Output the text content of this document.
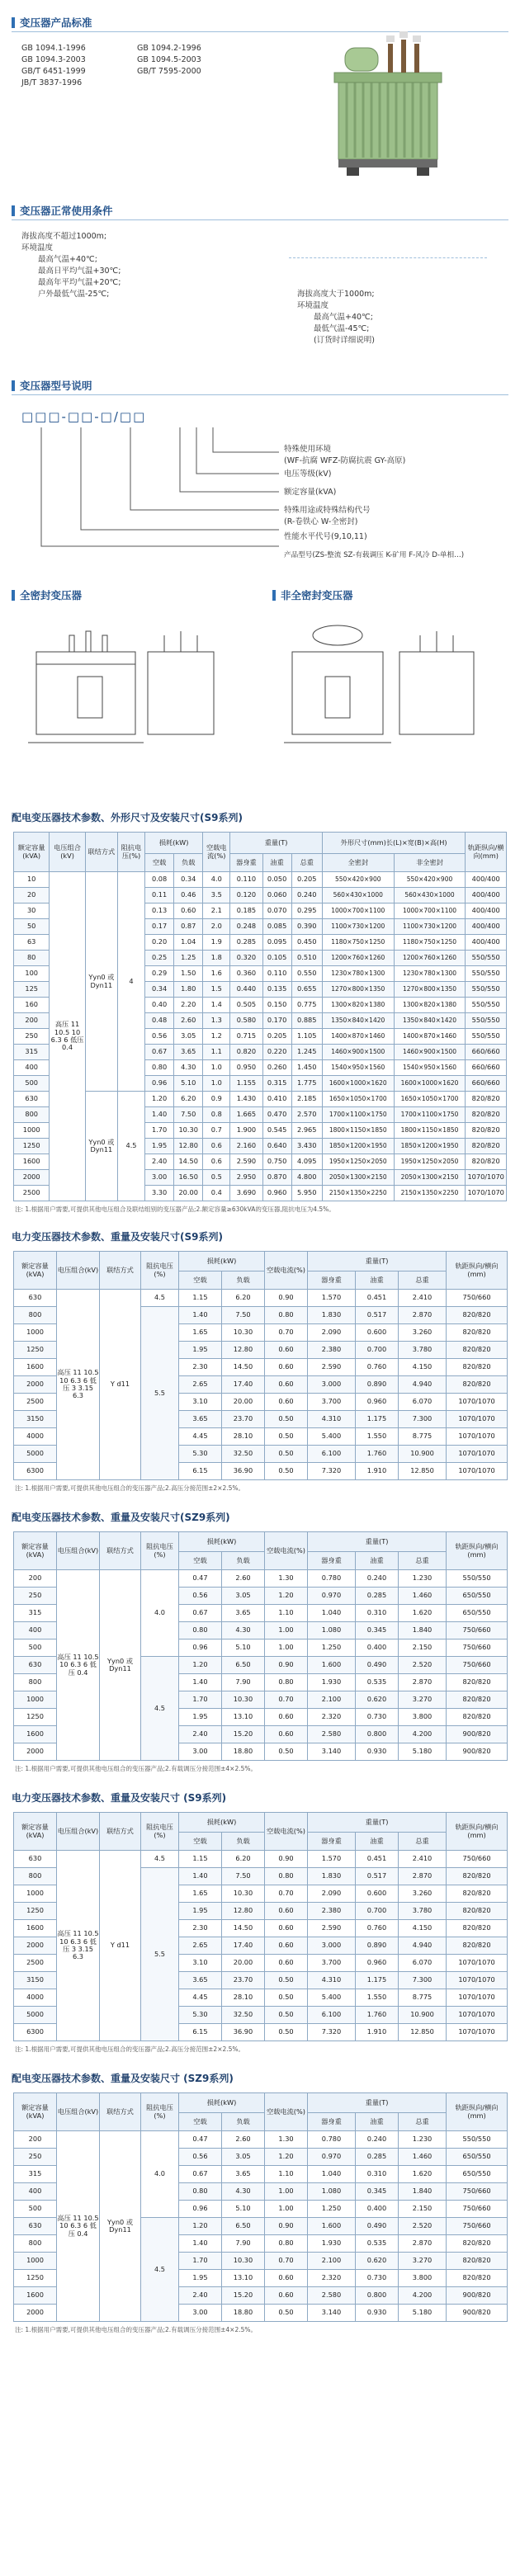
变压器产品标准
GB 1094.1-1996
GB 1094.3-2003
GB/T 6451-1999
JB/T 3837-1996
GB 1094.2-1996
GB 1094.5-2003
GB/T 7595-2000
变压器正常使用条件
海拔高度不超过1000m;
环境温度
最高气温+40℃;
最高日平均气温+30℃;
最高年平均气温+20℃;
户外最低气温-25℃;	海拔高度大于1000m;
环境温度
最高气温+40℃;
最低气温-45℃;
(订货时详细说明)
变压器型号说明
□□□-□□-□/□□
特殊使用环境
(WF-抗腐 WFZ-防腐抗震 GY-高原)
电压等级(kV)
额定容量(kVA)
特殊用途或特殊结构代号
(R-卷铁心 W-全密封)
性能水平代号(9,10,11)
产品型号(ZS-整流 SZ-有载调压 K-矿用 F-风冷 D-单相…)
全密封变压器	非全密封变压器
配电变压器技术参数、外形尺寸及安装尺寸(S9系列)
额定容量(kVA)	电压组合(kV)	联结方式	阻抗电压(%)	损耗(kW)		空载电流(%)	重量(T)			外形尺寸(mm)长(L)×宽(B)×高(H)		轨距纵向/横向(mm)
				空载	负载		器身重	油重	总重	全密封	非全密封	
10	高压 11 10.5 10 6.3 6 低压 0.4	Yyn0 或 Dyn11	4	0.08	0.34	4.0	0.110	0.050	0.205	550×420×900	550×420×900	400/400
20				0.11	0.46	3.5	0.120	0.060	0.240	560×430×1000	560×430×1000	400/400
30				0.13	0.60	2.1	0.185	0.070	0.295	1000×700×1100	1000×700×1100	400/400
50				0.17	0.87	2.0	0.248	0.085	0.390	1100×730×1200	1100×730×1200	400/400
63				0.20	1.04	1.9	0.285	0.095	0.450	1180×750×1250	1180×750×1250	400/400
80				0.25	1.25	1.8	0.320	0.105	0.510	1200×760×1260	1200×760×1260	550/550
100				0.29	1.50	1.6	0.360	0.110	0.550	1230×780×1300	1230×780×1300	550/550
125				0.34	1.80	1.5	0.440	0.135	0.655	1270×800×1350	1270×800×1350	550/550
160				0.40	2.20	1.4	0.505	0.150	0.775	1300×820×1380	1300×820×1380	550/550
200				0.48	2.60	1.3	0.580	0.170	0.885	1350×840×1420	1350×840×1420	550/550
250				0.56	3.05	1.2	0.715	0.205	1.105	1400×870×1460	1400×870×1460	550/550
315				0.67	3.65	1.1	0.820	0.220	1.245	1460×900×1500	1460×900×1500	660/660
400				0.80	4.30	1.0	0.950	0.260	1.450	1540×950×1560	1540×950×1560	660/660
500				0.96	5.10	1.0	1.155	0.315	1.775	1600×1000×1620	1600×1000×1620	660/660
630		Yyn0 或 Dyn11	4.5	1.20	6.20	0.9	1.430	0.410	2.185	1650×1050×1700	1650×1050×1700	820/820
800				1.40	7.50	0.8	1.665	0.470	2.570	1700×1100×1750	1700×1100×1750	820/820
1000				1.70	10.30	0.7	1.900	0.545	2.965	1800×1150×1850	1800×1150×1850	820/820
1250				1.95	12.80	0.6	2.160	0.640	3.430	1850×1200×1950	1850×1200×1950	820/820
1600				2.40	14.50	0.6	2.590	0.750	4.095	1950×1250×2050	1950×1250×2050	820/820
2000				3.00	16.50	0.5	2.950	0.870	4.800	2050×1300×2150	2050×1300×2150	1070/1070
2500				3.30	20.00	0.4	3.690	0.960	5.950	2150×1350×2250	2150×1350×2250	1070/1070
注: 1.根据用户需要,可提供其他电压组合及联结组别的变压器产品;2.额定容量≥630kVA的变压器,阻抗电压为4.5%。
电力变压器技术参数、重量及安装尺寸(S9系列)
额定容量(kVA)	电压组合(kV)	联结方式	阻抗电压(%)	损耗(kW)		空载电流(%)	重量(T)			轨距纵向/横向(mm)
				空载	负载		器身重	油重	总重	
630	高压 11 10.5 10 6.3 6 低压 3 3.15 6.3	Y d11	4.5	1.15	6.20	0.90	1.570	0.451	2.410	750/660
800			5.5	1.40	7.50	0.80	1.830	0.517	2.870	820/820
1000				1.65	10.30	0.70	2.090	0.600	3.260	820/820
1250				1.95	12.80	0.60	2.380	0.700	3.780	820/820
1600				2.30	14.50	0.60	2.590	0.760	4.150	820/820
2000				2.65	17.40	0.60	3.000	0.890	4.940	820/820
2500				3.10	20.00	0.60	3.700	0.960	6.070	1070/1070
3150				3.65	23.70	0.50	4.310	1.175	7.300	1070/1070
4000				4.45	28.10	0.50	5.400	1.550	8.775	1070/1070
5000				5.30	32.50	0.50	6.100	1.760	10.900	1070/1070
6300				6.15	36.90	0.50	7.320	1.910	12.850	1070/1070
注: 1.根据用户需要,可提供其他电压组合的变压器产品;2.高压分接范围±2×2.5%。
配电变压器技术参数、重量及安装尺寸(SZ9系列)
额定容量(kVA)	电压组合(kV)	联结方式	阻抗电压(%)	损耗(kW)		空载电流(%)	重量(T)			轨距纵向/横向(mm)
				空载	负载		器身重	油重	总重	
200	高压 11 10.5 10 6.3 6 低压 0.4	Yyn0 或 Dyn11	4.0	0.47	2.60	1.30	0.780	0.240	1.230	550/550
250				0.56	3.05	1.20	0.970	0.285	1.460	650/550
315				0.67	3.65	1.10	1.040	0.310	1.620	650/550
400				0.80	4.30	1.00	1.080	0.345	1.840	750/660
500				0.96	5.10	1.00	1.250	0.400	2.150	750/660
630			4.5	1.20	6.50	0.90	1.600	0.490	2.520	750/660
800				1.40	7.90	0.80	1.930	0.535	2.870	820/820
1000				1.70	10.30	0.70	2.100	0.620	3.270	820/820
1250				1.95	13.10	0.60	2.320	0.730	3.800	820/820
1600				2.40	15.20	0.60	2.580	0.800	4.200	900/820
2000				3.00	18.80	0.50	3.140	0.930	5.180	900/820
注: 1.根据用户需要,可提供其他电压组合的变压器产品;2.有载调压分接范围±4×2.5%。
电力变压器技术参数、重量及安装尺寸 (S9系列)
额定容量(kVA)	电压组合(kV)	联结方式	阻抗电压(%)	损耗(kW)		空载电流(%)	重量(T)			轨距纵向/横向(mm)
				空载	负载		器身重	油重	总重	
630	高压 11 10.5 10 6.3 6 低压 3 3.15 6.3	Y d11	4.5	1.15	6.20	0.90	1.570	0.451	2.410	750/660
800			5.5	1.40	7.50	0.80	1.830	0.517	2.870	820/820
1000				1.65	10.30	0.70	2.090	0.600	3.260	820/820
1250				1.95	12.80	0.60	2.380	0.700	3.780	820/820
1600				2.30	14.50	0.60	2.590	0.760	4.150	820/820
2000				2.65	17.40	0.60	3.000	0.890	4.940	820/820
2500				3.10	20.00	0.60	3.700	0.960	6.070	1070/1070
3150				3.65	23.70	0.50	4.310	1.175	7.300	1070/1070
4000				4.45	28.10	0.50	5.400	1.550	8.775	1070/1070
5000				5.30	32.50	0.50	6.100	1.760	10.900	1070/1070
6300				6.15	36.90	0.50	7.320	1.910	12.850	1070/1070
注: 1.根据用户需要,可提供其他电压组合的变压器产品;2.高压分接范围±2×2.5%。
配电变压器技术参数、重量及安装尺寸 (SZ9系列)
额定容量(kVA)	电压组合(kV)	联结方式	阻抗电压(%)	损耗(kW)		空载电流(%)	重量(T)			轨距纵向/横向(mm)
				空载	负载		器身重	油重	总重	
200	高压 11 10.5 10 6.3 6 低压 0.4	Yyn0 或 Dyn11	4.0	0.47	2.60	1.30	0.780	0.240	1.230	550/550
250				0.56	3.05	1.20	0.970	0.285	1.460	650/550
315				0.67	3.65	1.10	1.040	0.310	1.620	650/550
400				0.80	4.30	1.00	1.080	0.345	1.840	750/660
500				0.96	5.10	1.00	1.250	0.400	2.150	750/660
630			4.5	1.20	6.50	0.90	1.600	0.490	2.520	750/660
800				1.40	7.90	0.80	1.930	0.535	2.870	820/820
1000				1.70	10.30	0.70	2.100	0.620	3.270	820/820
1250				1.95	13.10	0.60	2.320	0.730	3.800	820/820
1600				2.40	15.20	0.60	2.580	0.800	4.200	900/820
2000				3.00	18.80	0.50	3.140	0.930	5.180	900/820
注: 1.根据用户需要,可提供其他电压组合的变压器产品;2.有载调压分接范围±4×2.5%。
